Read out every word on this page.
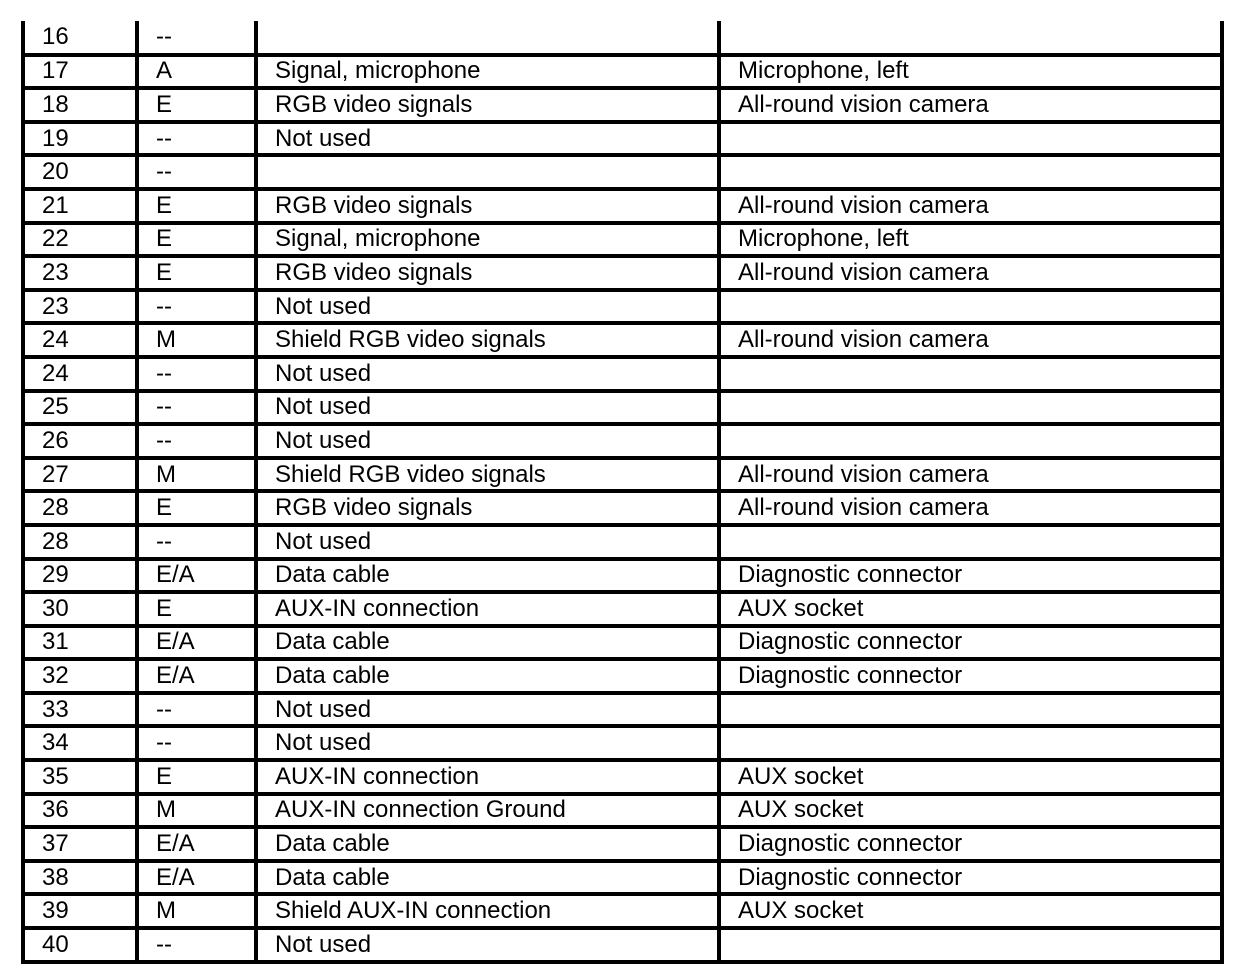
16	--		
17	A	Signal, microphone	Microphone, left
18	E	RGB video signals	All-round vision camera
19	--	Not used	
20	--		
21	E	RGB video signals	All-round vision camera
22	E	Signal, microphone	Microphone, left
23	E	RGB video signals	All-round vision camera
23	--	Not used	
24	M	Shield RGB video signals	All-round vision camera
24	--	Not used	
25	--	Not used	
26	--	Not used	
27	M	Shield RGB video signals	All-round vision camera
28	E	RGB video signals	All-round vision camera
28	--	Not used	
29	E/A	Data cable	Diagnostic connector
30	E	AUX-IN connection	AUX socket
31	E/A	Data cable	Diagnostic connector
32	E/A	Data cable	Diagnostic connector
33	--	Not used	
34	--	Not used	
35	E	AUX-IN connection	AUX socket
36	M	AUX-IN connection Ground	AUX socket
37	E/A	Data cable	Diagnostic connector
38	E/A	Data cable	Diagnostic connector
39	M	Shield AUX-IN connection	AUX socket
40	--	Not used	
